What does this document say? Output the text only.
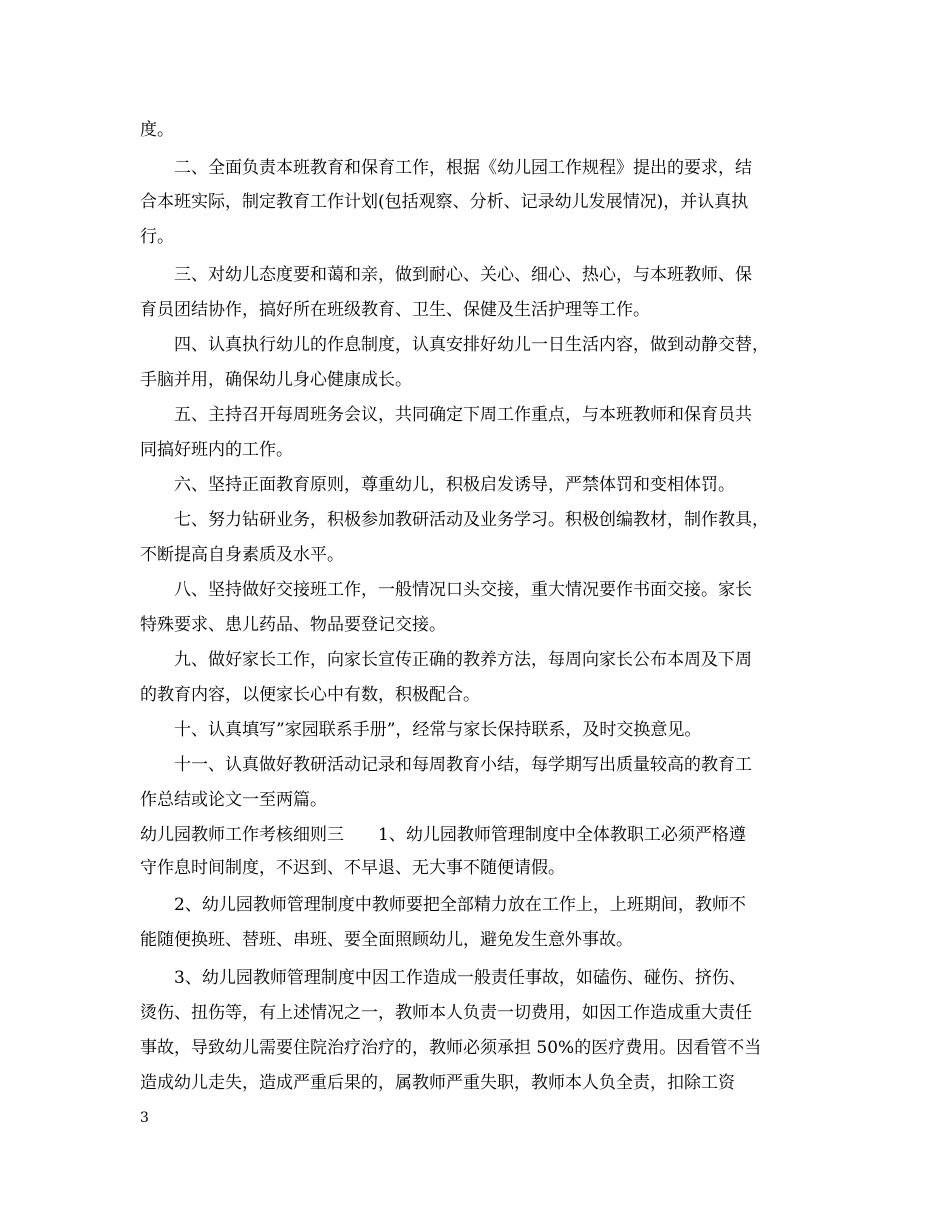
度。
　　二、全面负责本班教育和保育工作，根据《幼儿园工作规程》提出的要求，结
合本班实际，制定教育工作计划(包括观察、分析、记录幼儿发展情况)，并认真执
行。
　　三、对幼儿态度要和蔼和亲，做到耐心、关心、细心、热心，与本班教师、保
育员团结协作，搞好所在班级教育、卫生、保健及生活护理等工作。
　　四、认真执行幼儿的作息制度，认真安排好幼儿一日生活内容，做到动静交替，
手脑并用，确保幼儿身心健康成长。
　　五、主持召开每周班务会议，共同确定下周工作重点，与本班教师和保育员共
同搞好班内的工作。
　　六、坚持正面教育原则，尊重幼儿，积极启发诱导，严禁体罚和变相体罚。
　　七、努力钻研业务，积极参加教研活动及业务学习。积极创编教材，制作教具，
不断提高自身素质及水平。
　　八、坚持做好交接班工作，一般情况口头交接，重大情况要作书面交接。家长
特殊要求、患儿药品、物品要登记交接。
　　九、做好家长工作，向家长宣传正确的教养方法，每周向家长公布本周及下周
的教育内容，以便家长心中有数，积极配合。
　　十、认真填写”家园联系手册”，经常与家长保持联系，及时交换意见。
　　十一、认真做好教研活动记录和每周教育小结，每学期写出质量较高的教育工
作总结或论文一至两篇。
幼儿园教师工作考核细则三　　1、幼儿园教师管理制度中全体教职工必须严格遵
守作息时间制度，不迟到、不早退、无大事不随便请假。
　　2、幼儿园教师管理制度中教师要把全部精力放在工作上，上班期间，教师不
能随便换班、替班、串班、要全面照顾幼儿，避免发生意外事故。
　　3、幼儿园教师管理制度中因工作造成一般责任事故，如磕伤、碰伤、挤伤、
烫伤、扭伤等，有上述情况之一，教师本人负责一切费用，如因工作造成重大责任
事故，导致幼儿需要住院治疗治疗的，教师必须承担 50%的医疗费用。因看管不当
造成幼儿走失，造成严重后果的，属教师严重失职，教师本人负全责，扣除工资
3
